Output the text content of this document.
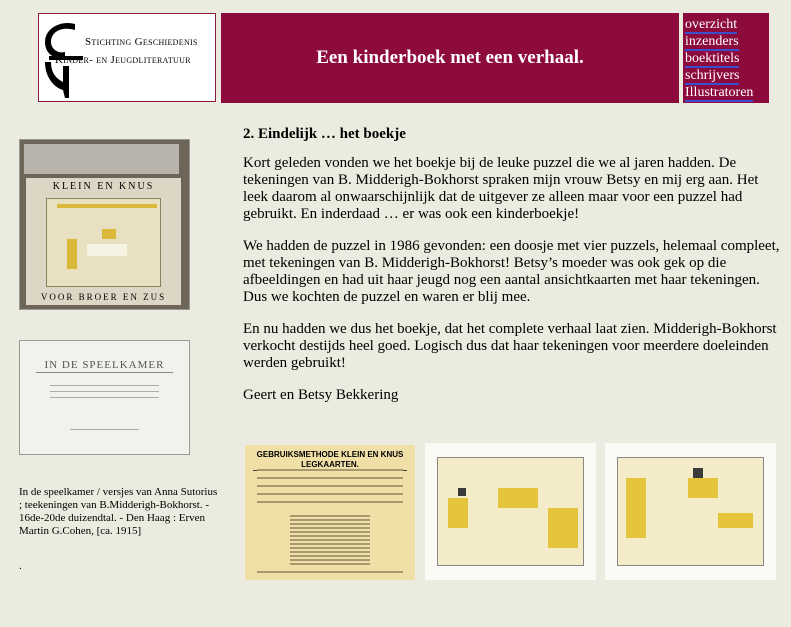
Stichting Geschiedenis
Kinder- en Jeugdliteratuur	Een kinderboek met een verhaal.
overzicht
inzenders
boektitels
schrijvers
Illustratoren
KLEIN EN KNUS
VOOR BROER EN ZUS
IN DE SPEELKAMER
In de speelkamer / versjes van Anna Sutorius ; teekeningen van B.Midderigh-Bokhorst. - 16de-20de duizendtal. - Den Haag : Erven Martin G.Cohen, [ca. 1915]
.
2. Eindelijk … het boekje

Kort geleden vonden we het boekje bij de leuke puzzel die we al jaren hadden. De tekeningen van B. Midderigh-Bokhorst spraken mijn vrouw Betsy en mij erg aan. Het leek daarom al onwaarschijnlijk dat de uitgever ze alleen maar voor een puzzel had gebruikt. En inderdaad … er was ook een kinderboekje!

We hadden de puzzel in 1986 gevonden: een doosje met vier puzzels, helemaal compleet, met tekeningen van B. Midderigh-Bokhorst! Betsy’s moeder was ook gek op die afbeeldingen en had uit haar jeugd nog een aantal ansichtkaarten met haar tekeningen. Dus we kochten de puzzel en waren er blij mee.

En nu hadden we dus het boekje, dat het complete verhaal laat zien. Midderigh-Bokhorst verkocht destijds heel goed. Logisch dus dat haar tekeningen voor meerdere doeleinden werden gebruikt!

Geert en Betsy Bekkering

GEBRUIKSMETHODE KLEIN EN KNUS LEGKAARTEN.
